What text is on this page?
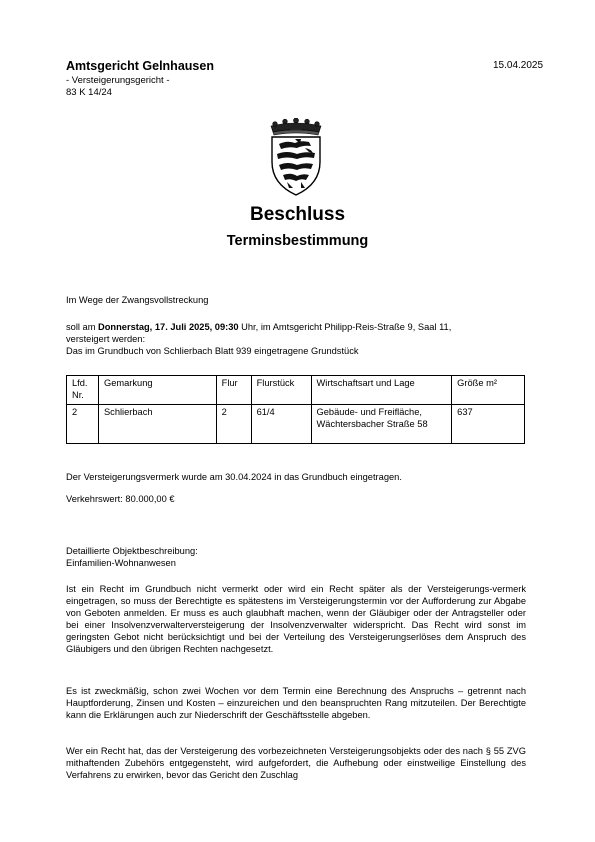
Amtsgericht Gelnhausen
- Versteigerungsgericht -
83 K 14/24
15.04.2025
Beschluss
Terminsbestimmung
Im Wege der Zwangsvollstreckung
soll am Donnerstag, 17. Juli 2025, 09:30 Uhr, im Amtsgericht Philipp-Reis-Straße 9, Saal 11,
versteigert werden:
Das im Grundbuch von Schlierbach Blatt 939 eingetragene Grundstück
Lfd. Nr.	Gemarkung	Flur	Flurstück	Wirtschaftsart und Lage	Größe m²
2	Schlierbach	2	61/4	Gebäude- und Freifläche, Wächtersbacher Straße 58	637
Der Versteigerungsvermerk wurde am 30.04.2024 in das Grundbuch eingetragen.
Verkehrswert: 80.000,00 €
Detaillierte Objektbeschreibung:
Einfamilien-Wohnanwesen
Ist ein Recht im Grundbuch nicht vermerkt oder wird ein Recht später als der Versteigerungs-vermerk eingetragen, so muss der Berechtigte es spätestens im Versteigerungstermin vor der Aufforderung zur Abgabe von Geboten anmelden. Er muss es auch glaubhaft machen, wenn der Gläubiger oder der Antragsteller oder bei einer Insolvenzverwalterversteigerung der Insolvenzverwalter widerspricht. Das Recht wird sonst im geringsten Gebot nicht berücksichtigt und bei der Verteilung des Versteigerungserlöses dem Anspruch des Gläubigers und den übrigen Rechten nachgesetzt.
Es ist zweckmäßig, schon zwei Wochen vor dem Termin eine Berechnung des Anspruchs – getrennt nach Hauptforderung, Zinsen und Kosten – einzureichen und den beanspruchten Rang mitzuteilen. Der Berechtigte kann die Erklärungen auch zur Niederschrift der Geschäftsstelle abgeben.
Wer ein Recht hat, das der Versteigerung des vorbezeichneten Versteigerungsobjekts oder des nach § 55 ZVG mithaftenden Zubehörs entgegensteht, wird aufgefordert, die Aufhebung oder einstweilige Einstellung des Verfahrens zu erwirken, bevor das Gericht den Zuschlag
